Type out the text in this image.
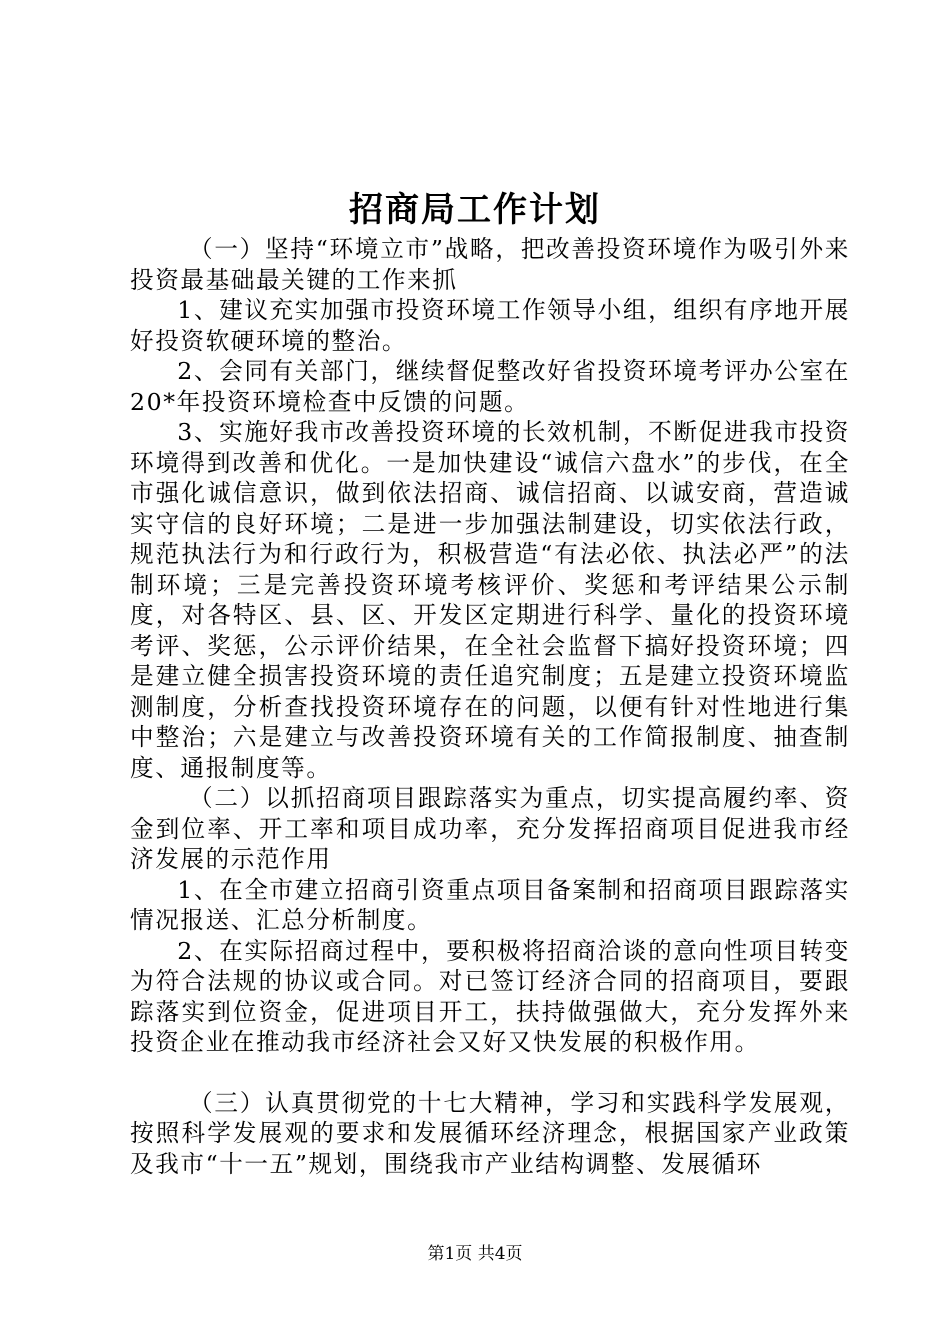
招商局工作计划

（一）坚持“环境立市”战略，把改善投资环境作为吸引外来投资最基础最关键的工作来抓

1、建议充实加强市投资环境工作领导小组，组织有序地开展好投资软硬环境的整治。

2、会同有关部门，继续督促整改好省投资环境考评办公室在20*年投资环境检查中反馈的问题。

3、实施好我市改善投资环境的长效机制，不断促进我市投资环境得到改善和优化。一是加快建设“诚信六盘水”的步伐，在全市强化诚信意识，做到依法招商、诚信招商、以诚安商，营造诚实守信的良好环境；二是进一步加强法制建设，切实依法行政，规范执法行为和行政行为，积极营造“有法必依、执法必严”的法制环境；三是完善投资环境考核评价、奖惩和考评结果公示制度，对各特区、县、区、开发区定期进行科学、量化的投资环境考评、奖惩，公示评价结果，在全社会监督下搞好投资环境；四是建立健全损害投资环境的责任追究制度；五是建立投资环境监测制度，分析查找投资环境存在的问题，以便有针对性地进行集中整治；六是建立与改善投资环境有关的工作简报制度、抽查制度、通报制度等。

（二）以抓招商项目跟踪落实为重点，切实提高履约率、资金到位率、开工率和项目成功率，充分发挥招商项目促进我市经济发展的示范作用

1、在全市建立招商引资重点项目备案制和招商项目跟踪落实情况报送、汇总分析制度。

2、在实际招商过程中，要积极将招商洽谈的意向性项目转变为符合法规的协议或合同。对已签订经济合同的招商项目，要跟踪落实到位资金，促进项目开工，扶持做强做大，充分发挥外来投资企业在推动我市经济社会又好又快发展的积极作用。

（三）认真贯彻党的十七大精神，学习和实践科学发展观，按照科学发展观的要求和发展循环经济理念，根据国家产业政策及我市“十一五”规划，围绕我市产业结构调整、发展循环

第1页 共4页
